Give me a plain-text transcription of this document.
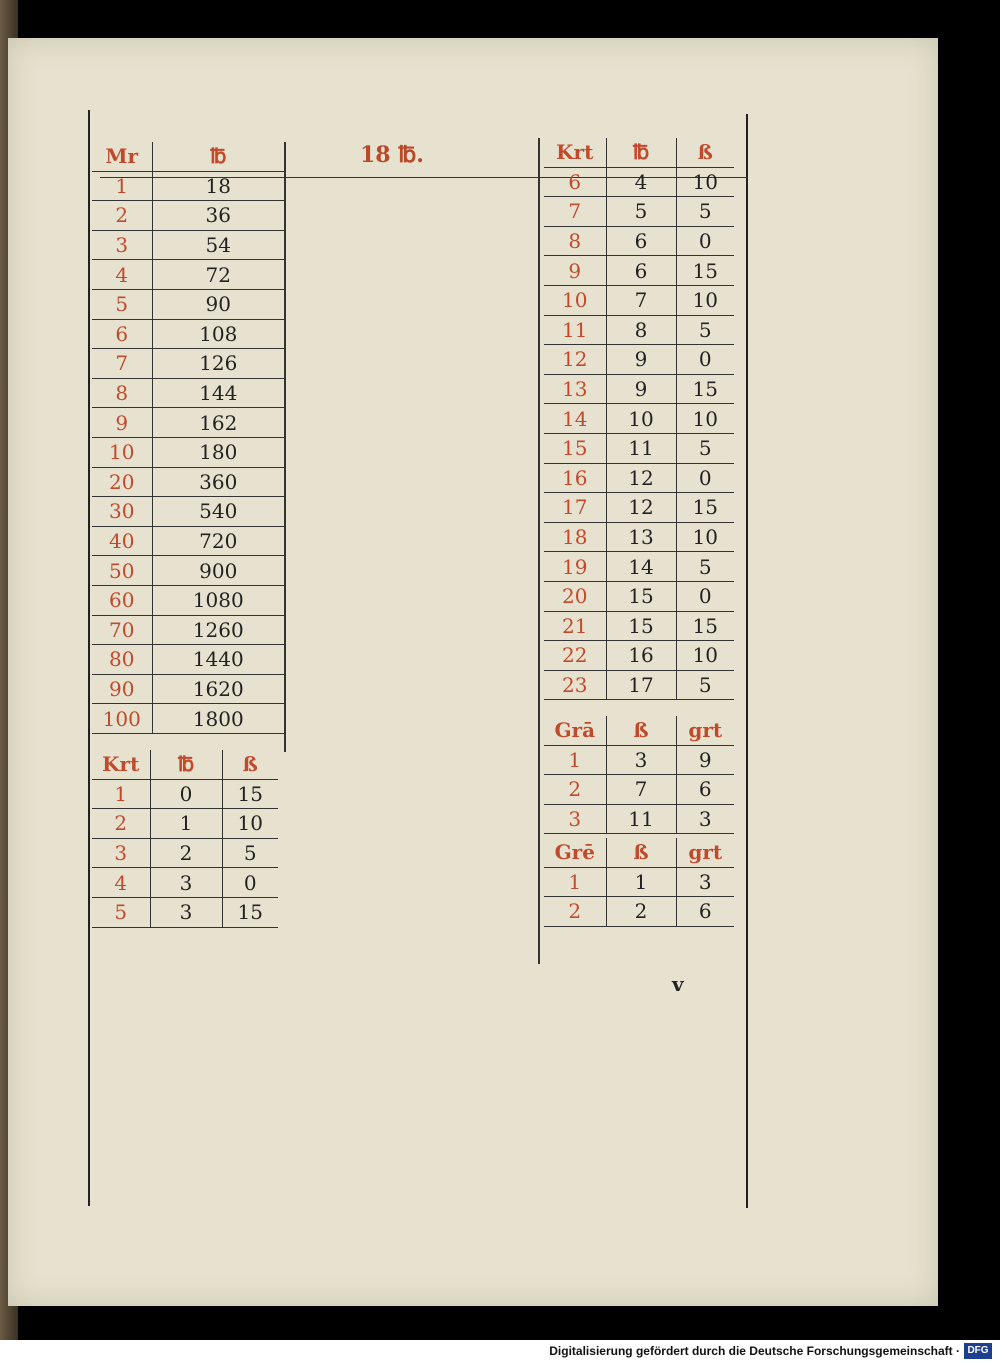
18 ℔.
Mr	℔
1	18
2	36
3	54
4	72
5	90
6	108
7	126
8	144
9	162
10	180
20	360
30	540
40	720
50	900
60	1080
70	1260
80	1440
90	1620
100	1800
Krt	℔	ß
1	0	15
2	1	10
3	2	5
4	3	0
5	3	15
Krt	℔	ß
6	4	10
7	5	5
8	6	0
9	6	15
10	7	10
11	8	5
12	9	0
13	9	15
14	10	10
15	11	5
16	12	0
17	12	15
18	13	10
19	14	5
20	15	0
21	15	15
22	16	10
23	17	5
Grā	ß	grt
1	3	9
2	7	6
3	11	3
Grē	ß	grt
1	1	3
2	2	6
v
Digitalisierung gefördert durch die Deutsche Forschungsgemeinschaft · DFG
